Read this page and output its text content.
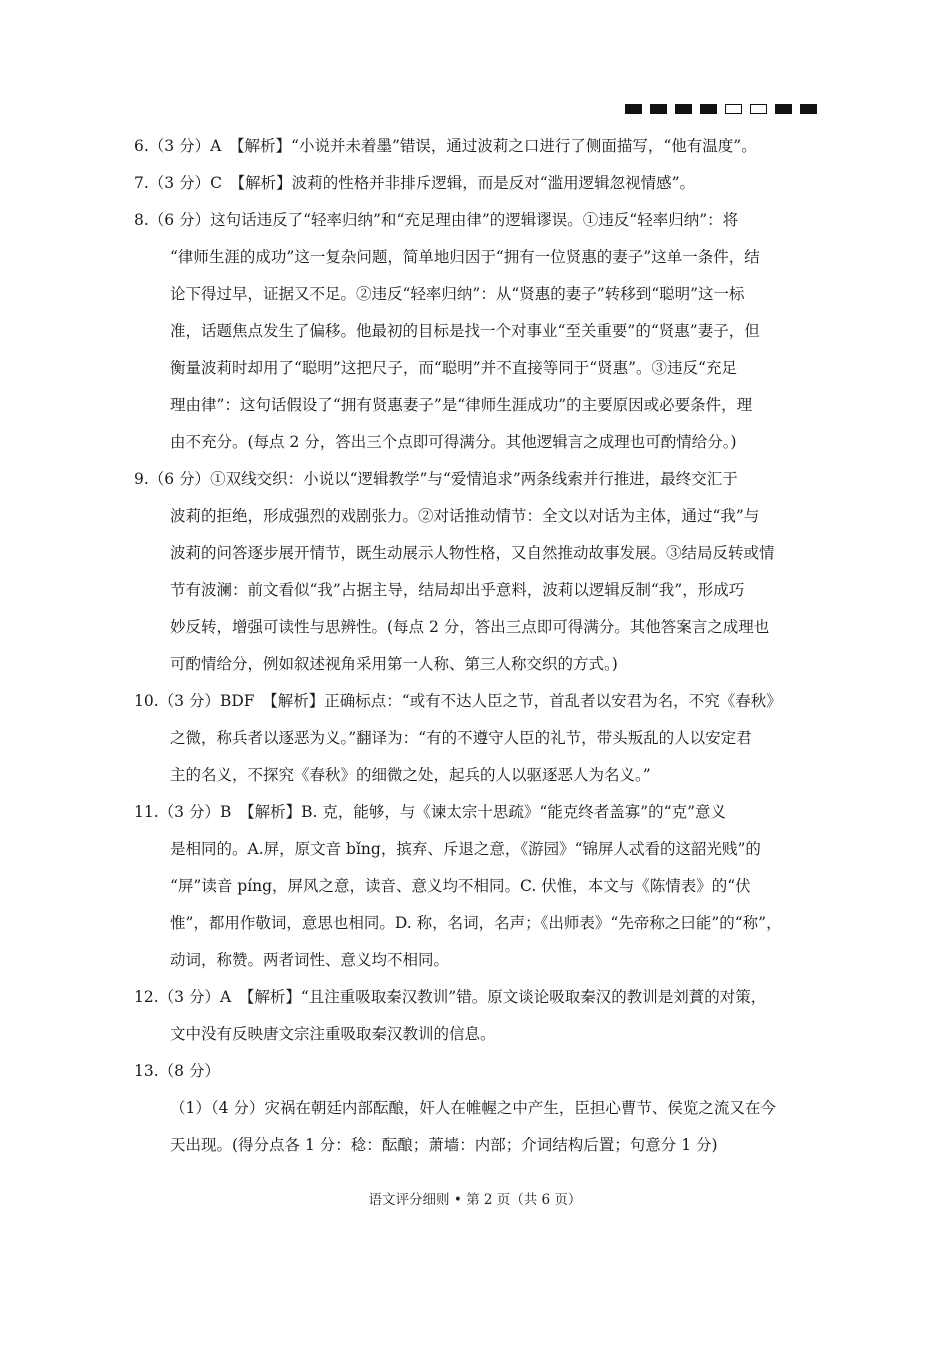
6.（3 分）A　【解析】“小说并未着墨”错误，通过波莉之口进行了侧面描写，“他有温度”。
7.（3 分）C　【解析】波莉的性格并非排斥逻辑，而是反对“滥用逻辑忽视情感”。
8.（6 分）这句话违反了“轻率归纳”和“充足理由律”的逻辑谬误。①违反“轻率归纳”：将
“律师生涯的成功”这一复杂问题，简单地归因于“拥有一位贤惠的妻子”这单一条件，结
论下得过早，证据又不足。②违反“轻率归纳”：从“贤惠的妻子”转移到“聪明”这一标
准，话题焦点发生了偏移。他最初的目标是找一个对事业“至关重要”的“贤惠”妻子，但
衡量波莉时却用了“聪明”这把尺子，而“聪明”并不直接等同于“贤惠”。③违反“充足
理由律”：这句话假设了“拥有贤惠妻子”是“律师生涯成功”的主要原因或必要条件，理
由不充分。(每点 2 分，答出三个点即可得满分。其他逻辑言之成理也可酌情给分。)
9.（6 分）①双线交织：小说以“逻辑教学”与“爱情追求”两条线索并行推进，最终交汇于
波莉的拒绝，形成强烈的戏剧张力。②对话推动情节：全文以对话为主体，通过“我”与
波莉的问答逐步展开情节，既生动展示人物性格，又自然推动故事发展。③结局反转或情
节有波澜：前文看似“我”占据主导，结局却出乎意料，波莉以逻辑反制“我”，形成巧
妙反转，增强可读性与思辨性。(每点 2 分，答出三点即可得满分。其他答案言之成理也
可酌情给分，例如叙述视角采用第一人称、第三人称交织的方式。)
10.（3 分）BDF　【解析】正确标点：“或有不达人臣之节，首乱者以安君为名，不究《春秋》
之微，称兵者以逐恶为义。”翻译为：“有的不遵守人臣的礼节，带头叛乱的人以安定君
主的名义，不探究《春秋》的细微之处，起兵的人以驱逐恶人为名义。”
11.（3 分）B　【解析】B. 克，能够，与《谏太宗十思疏》“能克终者盖寡”的“克”意义
是相同的。A.屏，原文音 bǐng，摈弃、斥退之意，《游园》“锦屏人忒看的这韶光贱”的
“屏”读音 píng，屏风之意，读音、意义均不相同。C. 伏惟，本文与《陈情表》的“伏
惟”，都用作敬词，意思也相同。D. 称，名词，名声；《出师表》“先帝称之曰能”的“称”，
动词，称赞。两者词性、意义均不相同。
12.（3 分）A　【解析】“且注重吸取秦汉教训”错。原文谈论吸取秦汉的教训是刘蕡的对策，
文中没有反映唐文宗注重吸取秦汉教训的信息。
13.（8 分）
（1）（4 分）灾祸在朝廷内部酝酿，奸人在帷幄之中产生，臣担心曹节、侯览之流又在今
天出现。(得分点各 1 分：稔：酝酿；萧墙：内部；介词结构后置；句意分 1 分)
语文评分细则 • 第 2 页（共 6 页）
